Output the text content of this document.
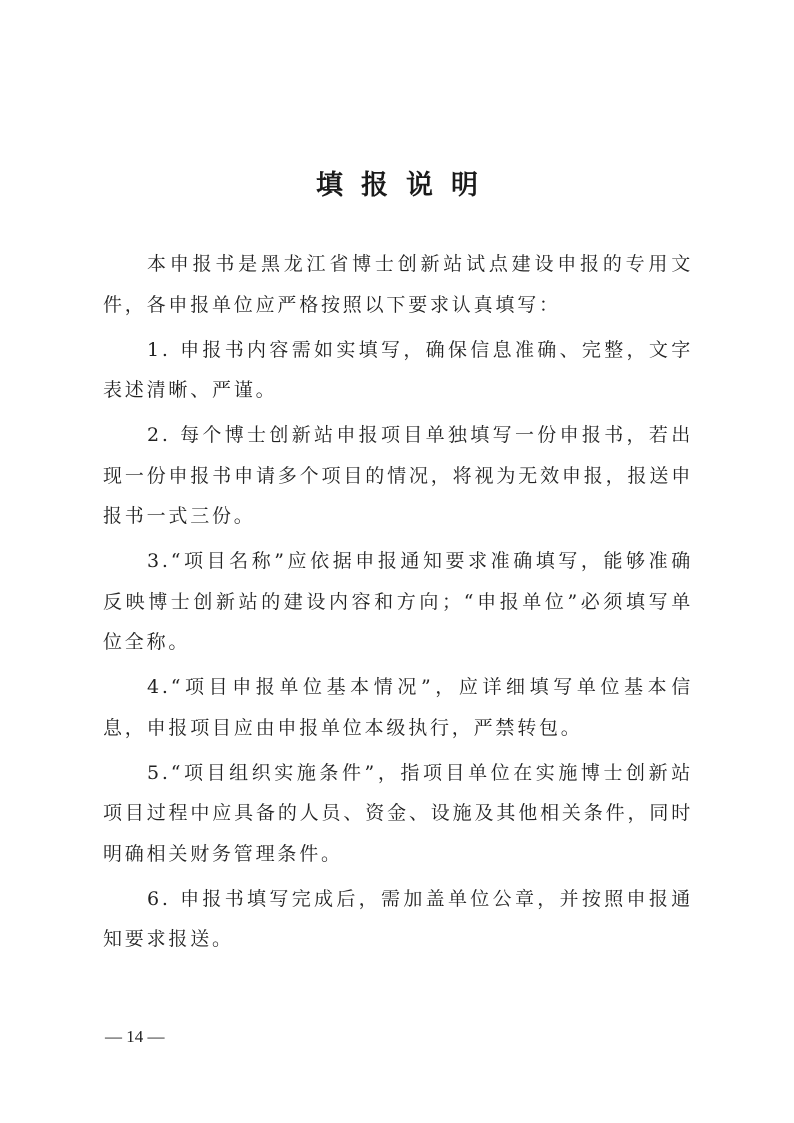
填报说明

本申报书是黑龙江省博士创新站试点建设申报的专用文件，各申报单位应严格按照以下要求认真填写：

1. 申报书内容需如实填写，确保信息准确、完整，文字表述清晰、严谨。

2. 每个博士创新站申报项目单独填写一份申报书，若出现一份申报书申请多个项目的情况，将视为无效申报，报送申报书一式三份。

3.“项目名称”应依据申报通知要求准确填写，能够准确反映博士创新站的建设内容和方向；“申报单位”必须填写单位全称。

4.“项目申报单位基本情况”，应详细填写单位基本信息，申报项目应由申报单位本级执行，严禁转包。

5.“项目组织实施条件”，指项目单位在实施博士创新站项目过程中应具备的人员、资金、设施及其他相关条件，同时明确相关财务管理条件。

6. 申报书填写完成后，需加盖单位公章，并按照申报通知要求报送。

— 14 —
